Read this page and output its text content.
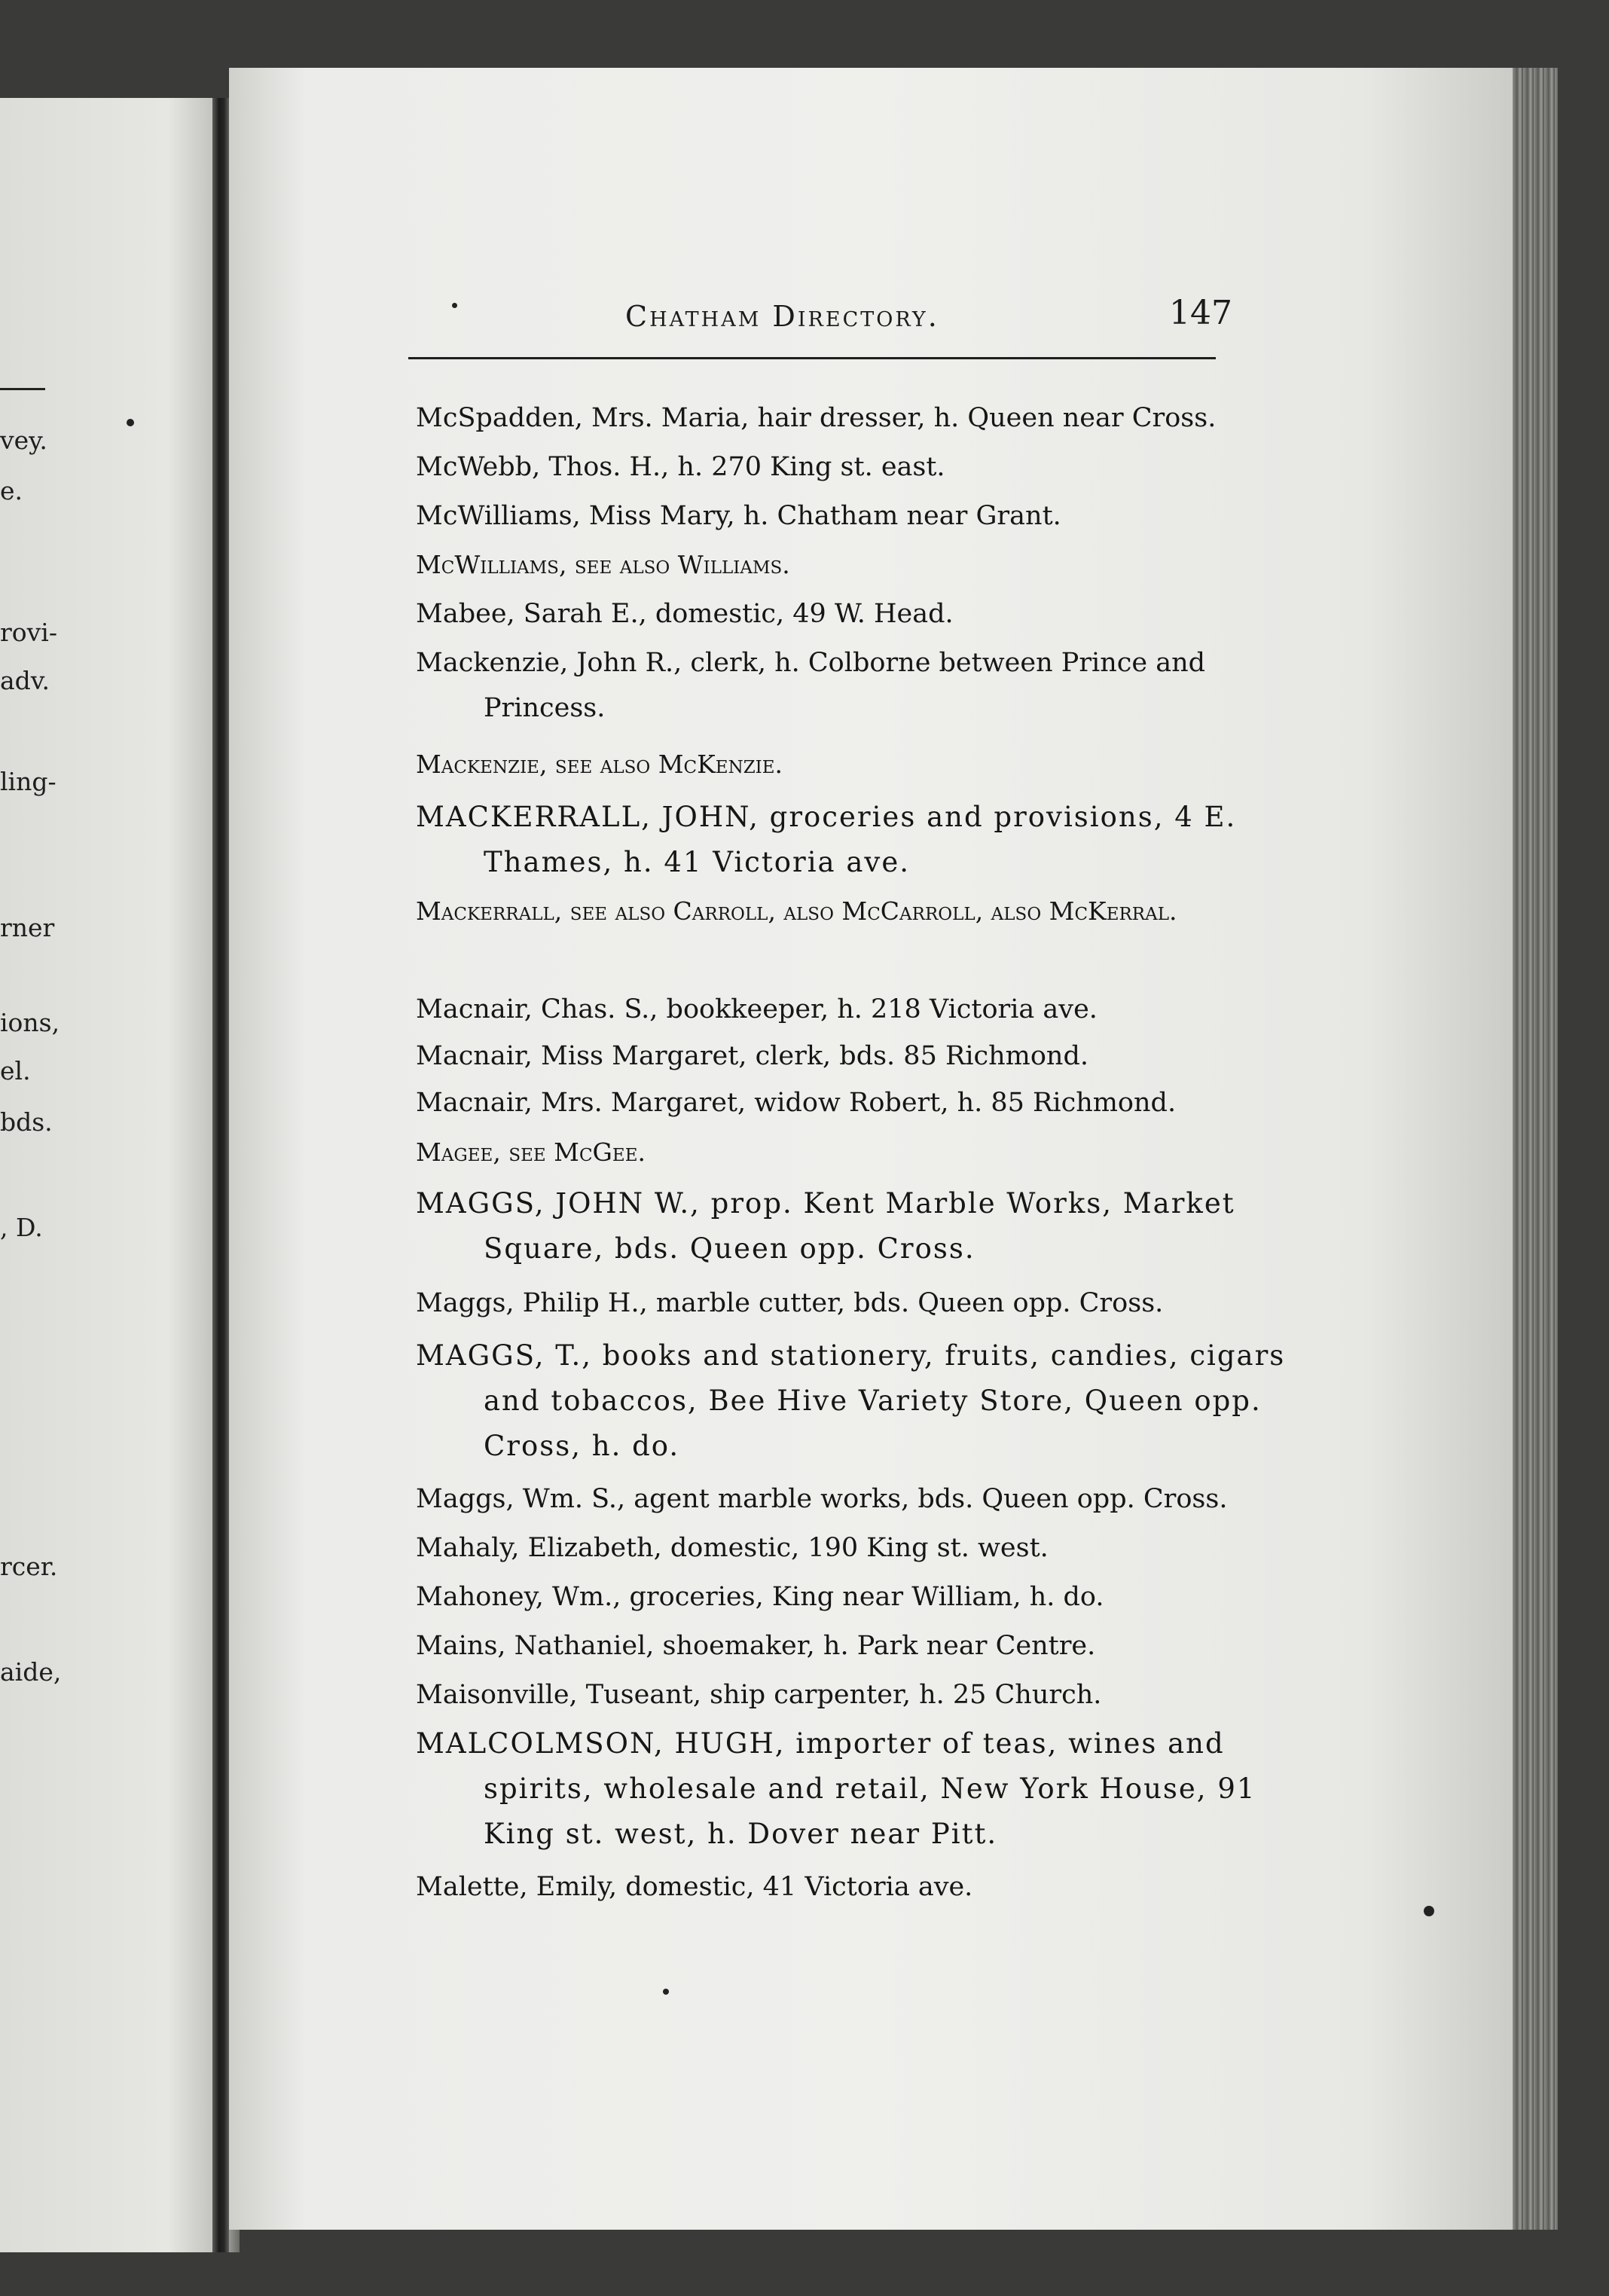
vey.
e.
rovi-
adv.
ling-
rner
ions,
el.
bds.
, D.
rcer.
aide,
Chatham Directory.	147
McSpadden, Mrs. Maria, hair dresser, h. Queen near Cross.
McWebb, Thos. H., h. 270 King st. east.
McWilliams, Miss Mary, h. Chatham near Grant.
McWilliams, see also Williams.
Mabee, Sarah E., domestic, 49 W. Head.
Mackenzie, John R., clerk, h. Colborne between Prince and Princess.
Mackenzie, see also McKenzie.
MACKERRALL, JOHN, groceries and provisions, 4 E. Thames, h. 41 Victoria ave.
Mackerrall, see also Carroll, also McCarroll, also McKerral.
Macnair, Chas. S., bookkeeper, h. 218 Victoria ave.
Macnair, Miss Margaret, clerk, bds. 85 Richmond.
Macnair, Mrs. Margaret, widow Robert, h. 85 Richmond.
Magee, see McGee.
MAGGS, JOHN W., prop. Kent Marble Works, Market Square, bds. Queen opp. Cross.
Maggs, Philip H., marble cutter, bds. Queen opp. Cross.
MAGGS, T., books and stationery, fruits, candies, cigars and tobaccos, Bee Hive Variety Store, Queen opp. Cross, h. do.
Maggs, Wm. S., agent marble works, bds. Queen opp. Cross.
Mahaly, Elizabeth, domestic, 190 King st. west.
Mahoney, Wm., groceries, King near William, h. do.
Mains, Nathaniel, shoemaker, h. Park near Centre.
Maisonville, Tuseant, ship carpenter, h. 25 Church.
MALCOLMSON, HUGH, importer of teas, wines and spirits, wholesale and retail, New York House, 91 King st. west, h. Dover near Pitt.
Malette, Emily, domestic, 41 Victoria ave.
